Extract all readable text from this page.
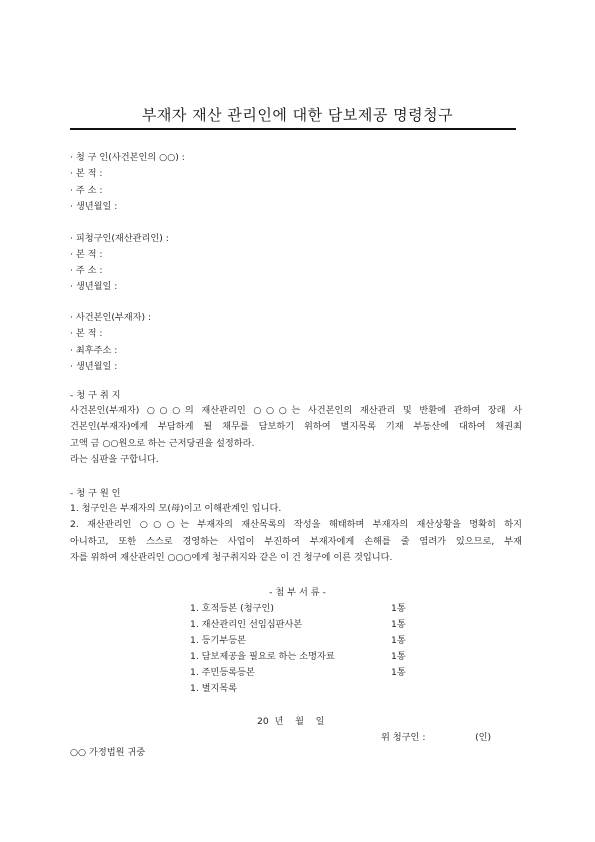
부재자 재산 관리인에 대한 담보제공 명령청구
· 청 구 인(사건본인의 ○○) :
· 본 적 :
· 주 소 :
· 생년월일 :
· 피청구인(재산관리인) :
· 본 적 :
· 주 소 :
· 생년월일 :
· 사건본인(부재자) :
· 본 적 :
· 최후주소 :
· 생년월일 :
- 청 구 취 지

사건본인(부재자) ○○○의 재산관리인 ○○○는 사건본인의 재산관리 및 반환에 관하여 장래 사

건본인(부재자)에게 부담하게 될 채무를 담보하기 위하여 별지목록 기재 부동산에 대하여 채권최

고액 금 ○○원으로 하는 근저당권을 설정하라.

라는 심판을 구합니다.

- 청 구 원 인

1. 청구인은 부재자의 모(母)이고 이해관계인 입니다.

2. 재산관리인 ○○○는 부재자의 재산목록의 작성을 해태하며 부재자의 재산상황을 명확히 하지

아니하고, 또한 스스로 경영하는 사업이 부진하여 부재자에게 손해를 줄 염려가 있으므로, 부재

자를 위하여 재산관리인 ○○○에게 청구취지와 같은 이 건 청구에 이른 것입니다.

- 첨 부 서 류 -
1. 호적등본 (청구인)	1통
1. 재산관리인 선임심판사본	1통
1. 등기부등본	1통
1. 담보제공을 필요로 하는 소명자료	1통
1. 주민등록등본	1통
1. 별지목록
20  년    월    일
위 청구인 :                 (인)
○○ 가정법원 귀중
